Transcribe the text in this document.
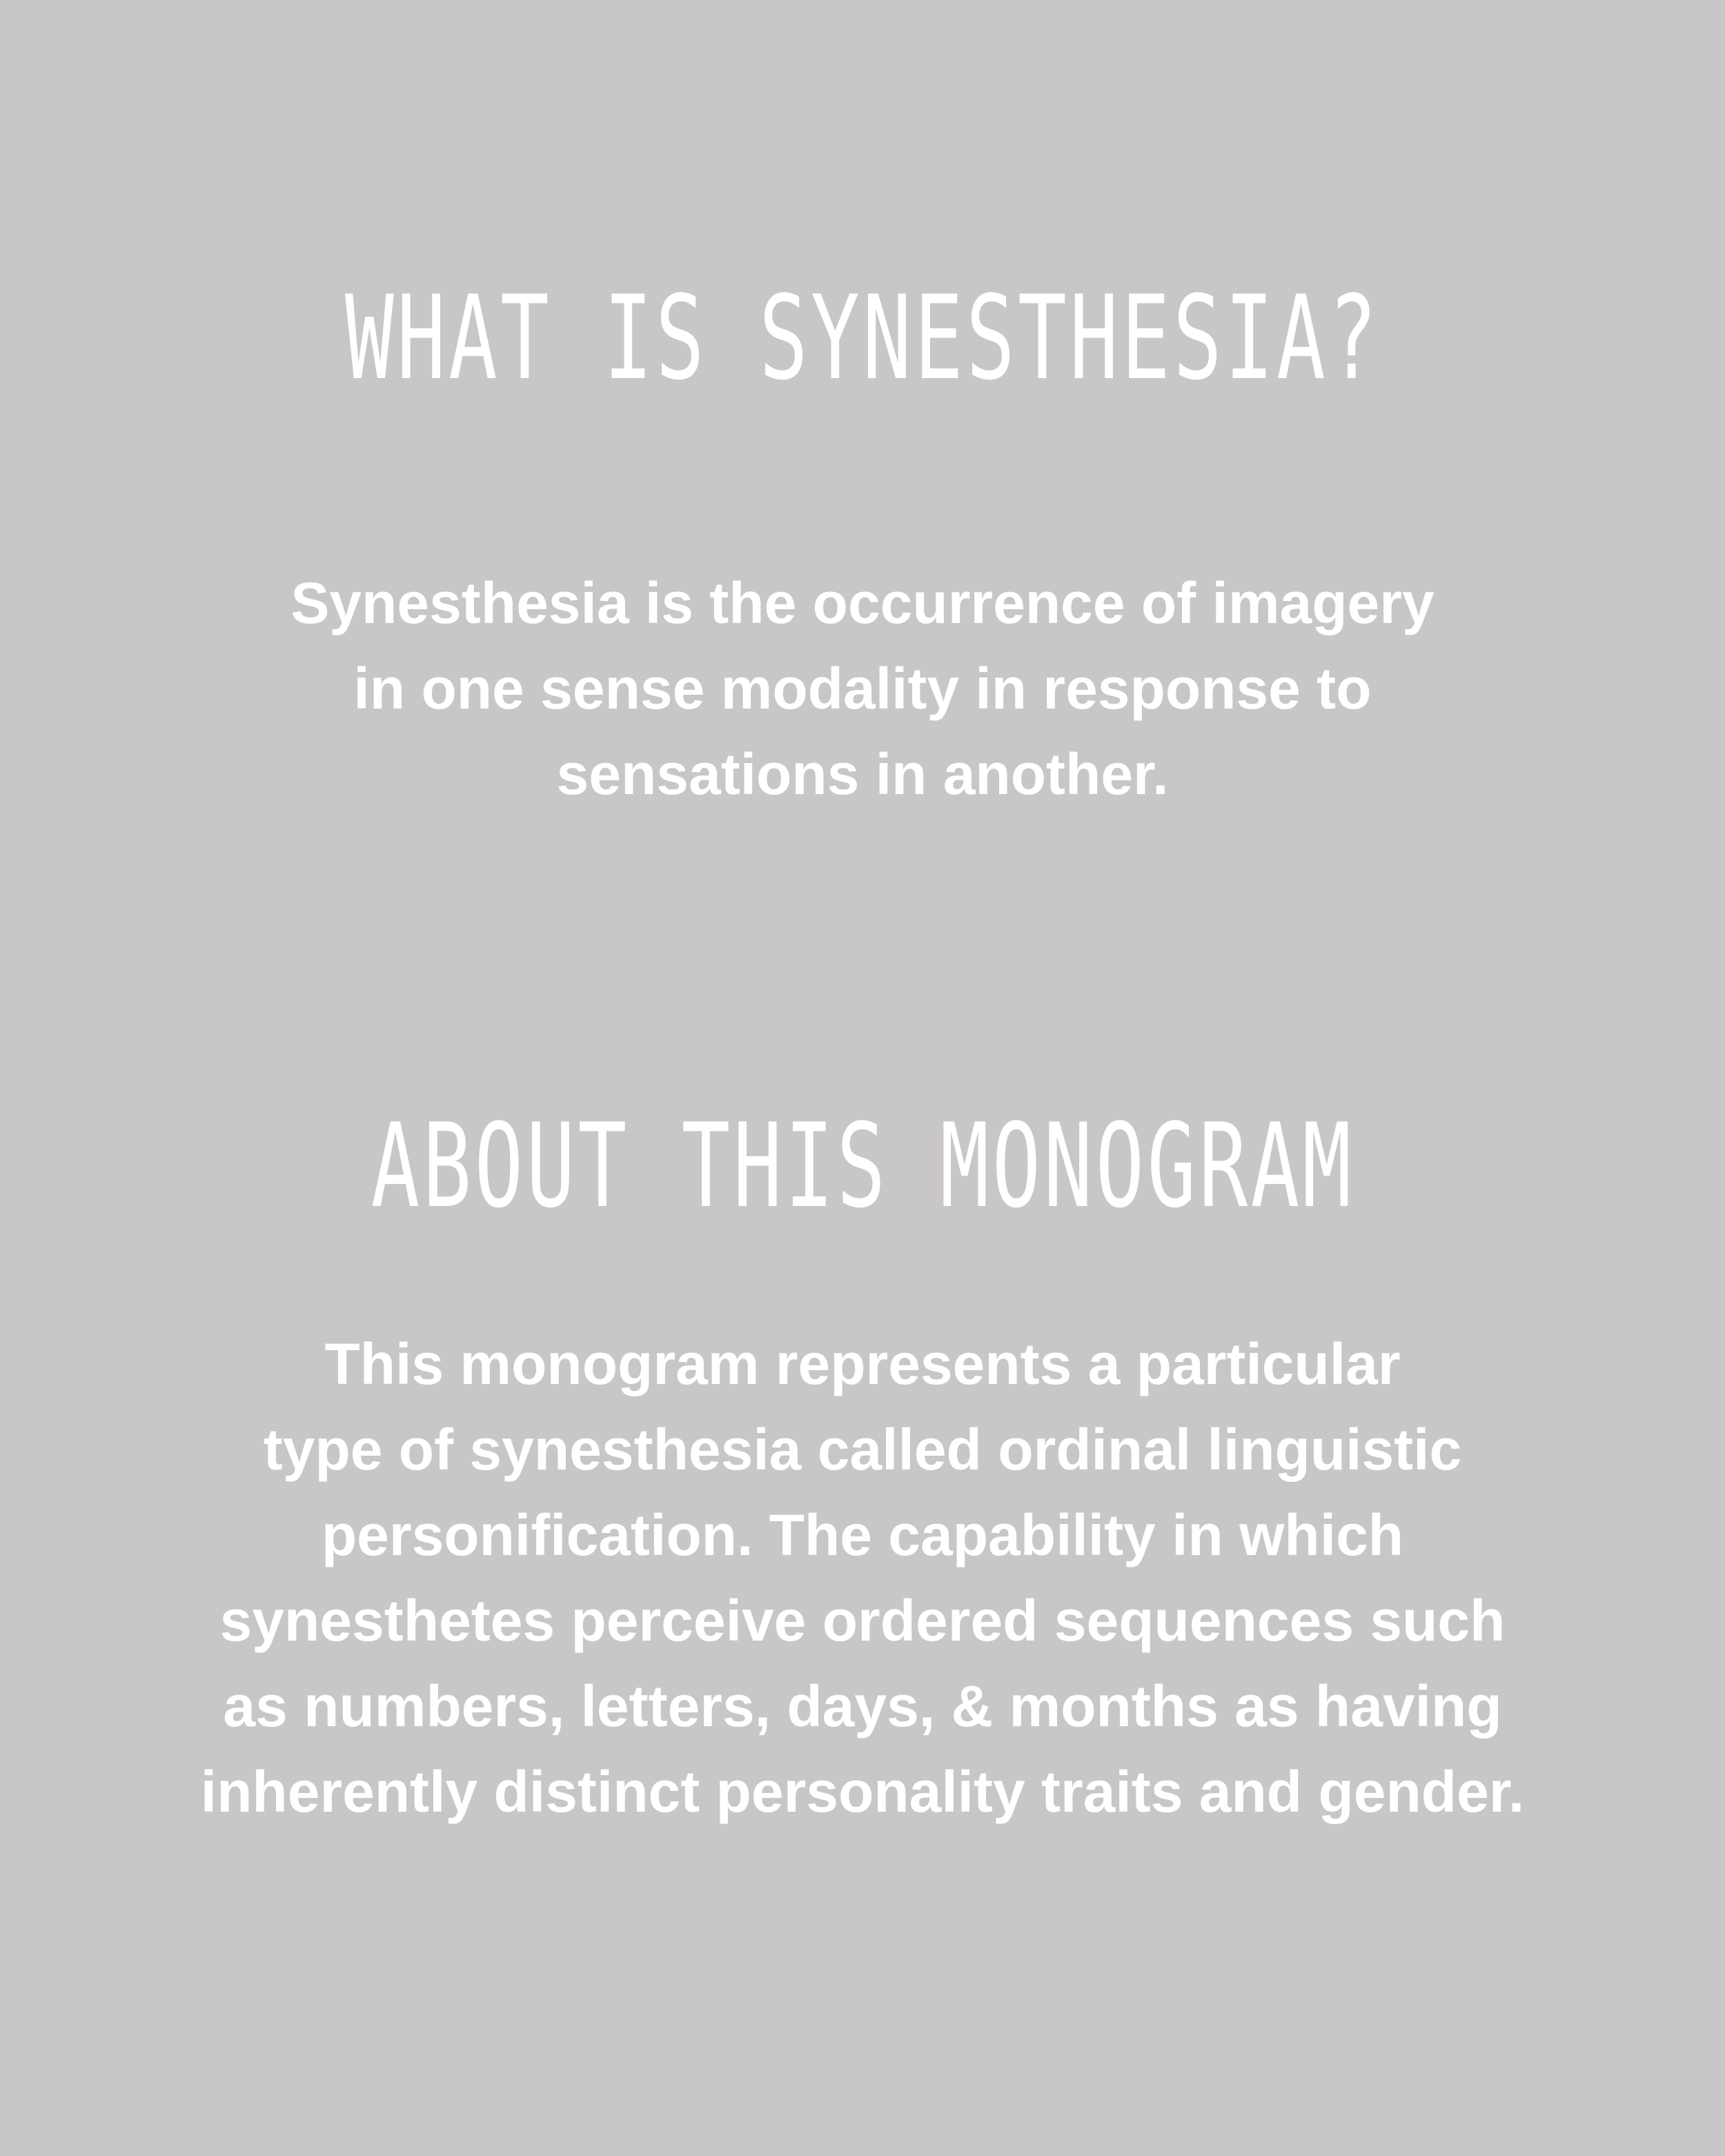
WHAT IS SYNESTHESIA?

Synesthesia is the occurrence of imagery
in one sense modality in response to
sensations in another.

ABOUT THIS MONOGRAM

This monogram represents a particular
type of synesthesia called ordinal linguistic
personification. The capability in which
synesthetes perceive ordered sequences such
as numbers, letters, days, & months as having
inherently distinct personality traits and gender.
